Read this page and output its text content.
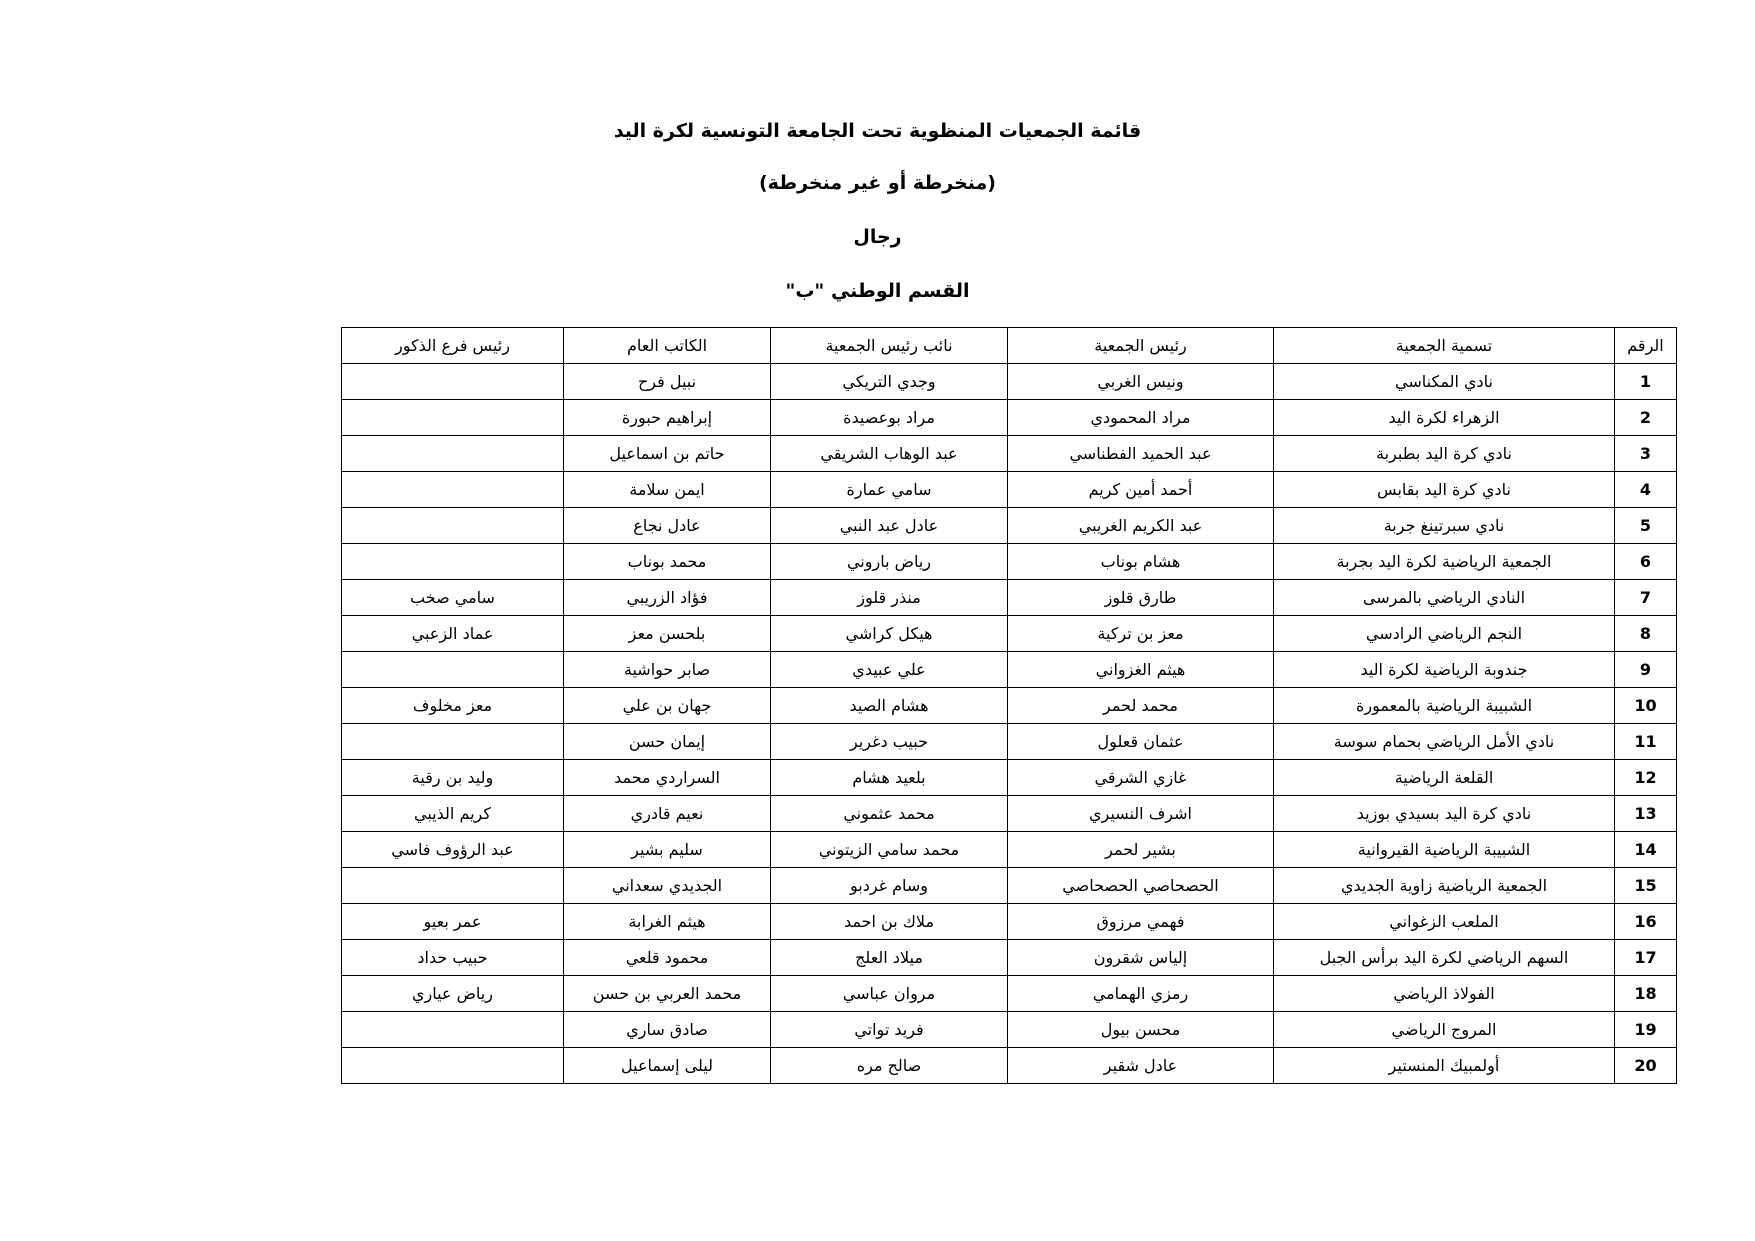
قائمة الجمعيات المنظوية تحت الجامعة التونسية لكرة اليد
(منخرطة أو غير منخرطة)
رجال
القسم الوطني "ب"
الرقم	تسمية الجمعية	رئيس الجمعية	نائب رئيس الجمعية	الكاتب العام	رئيس فرع الذكور
1	نادي المكناسي	ونيس الغربي	وجدي التريكي	نبيل فرح	
2	الزهراء لكرة اليد	مراد المحمودي	مراد بوعصيدة	إبراهيم حبورة	
3	نادي كرة اليد بطبربة	عبد الحميد الفطناسي	عبد الوهاب الشريقي	حاتم بن اسماعيل	
4	نادي كرة اليد بقابس	أحمد أمين كريم	سامي عمارة	ايمن سلامة	
5	نادي سبرتينغ جربة	عبد الكريم الغريبي	عادل عبد النبي	عادل نجاع	
6	الجمعية الرياضية لكرة اليد بجربة	هشام بوناب	رياض باروني	محمد بوناب	
7	النادي الرياضي بالمرسى	طارق قلوز	منذر قلوز	فؤاد الزريبي	سامي صخب
8	النجم الرياضي الرادسي	معز بن تركية	هيكل كراشي	بلحسن معز	عماد الزعبي
9	جندوبة الرياضية لكرة اليد	هيثم الغزواني	علي عبيدي	صابر حواشية	
10	الشبيبة الرياضية بالمعمورة	محمد لحمر	هشام الصيد	جهان بن علي	معز مخلوف
11	نادي الأمل الرياضي بحمام سوسة	عثمان قعلول	حبيب دغرير	إيمان حسن	
12	القلعة الرياضية	غازي الشرقي	بلعيد هشام	السراردي محمد	وليد بن رقية
13	نادي كرة اليد بسيدي بوزيد	اشرف النسيري	محمد عثموني	نعيم قادري	كريم الذيبي
14	الشبيبة الرياضية القيروانية	بشير لحمر	محمد سامي الزيتوني	سليم بشير	عبد الرؤوف فاسي
15	الجمعية الرياضية زاوية الجديدي	الحصحاصي الحصحاصي	وسام غردبو	الجديدي سعداني	
16	الملعب الزغواني	فهمي مرزوق	ملاك بن احمد	هيثم الغرابة	عمر بعيو
17	السهم الرياضي لكرة اليد برأس الجبل	إلياس شقرون	ميلاد العلج	محمود قلعي	حبيب حداد
18	الفولاذ الرياضي	رمزي الهمامي	مروان عباسي	محمد العربي بن حسن	رياض عياري
19	المروج الرياضي	محسن بيول	فريد تواتي	صادق ساري	
20	أولمبيك المنستير	عادل شقير	صالح مره	ليلى إسماعيل	
